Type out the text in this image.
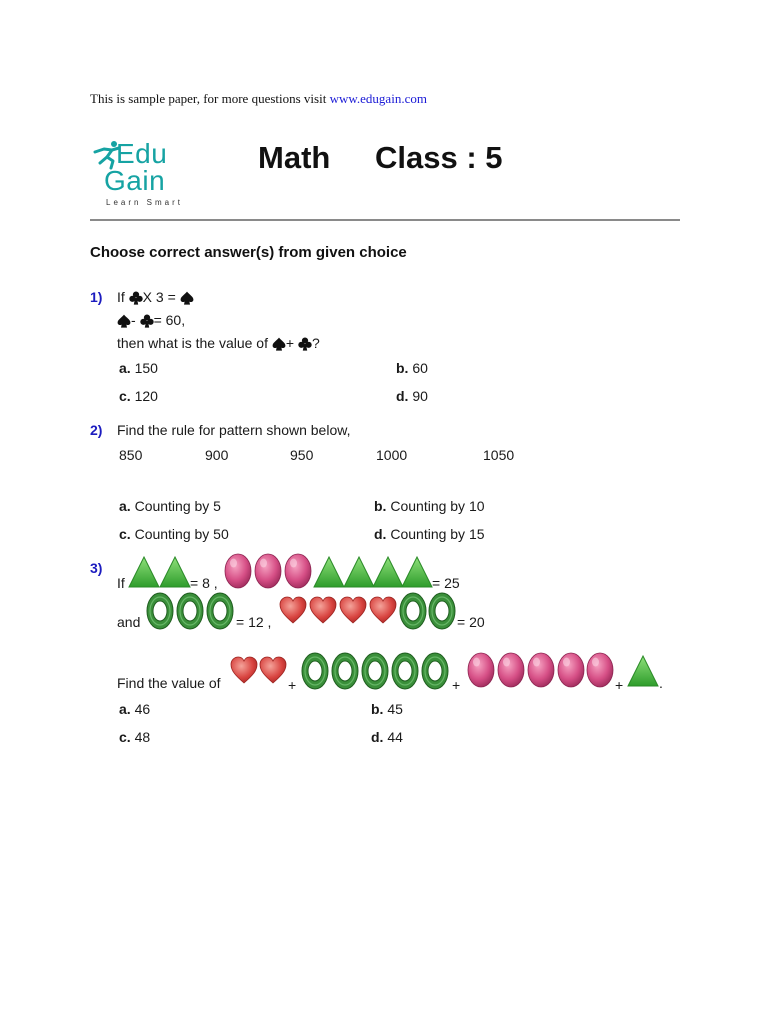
This is sample paper, for more questions visit www.edugain.com
Edu
Gain
Learn Smart
Math Class : 5
Choose correct answer(s) from given choice
1) If X 3 =
- = 60,
then what is the value of + ?
a. 150	b. 60
c. 120	d. 90
2) Find the rule for pattern shown below,
850	900	950	1000	1050
a. Counting by 5	b. Counting by 10
c. Counting by 50	d. Counting by 15
3)
If	= 8 ,	= 25
and	= 12 ,	= 20
Find the value of	+	+	+	.
a. 46	b. 45
c. 48	d. 44
